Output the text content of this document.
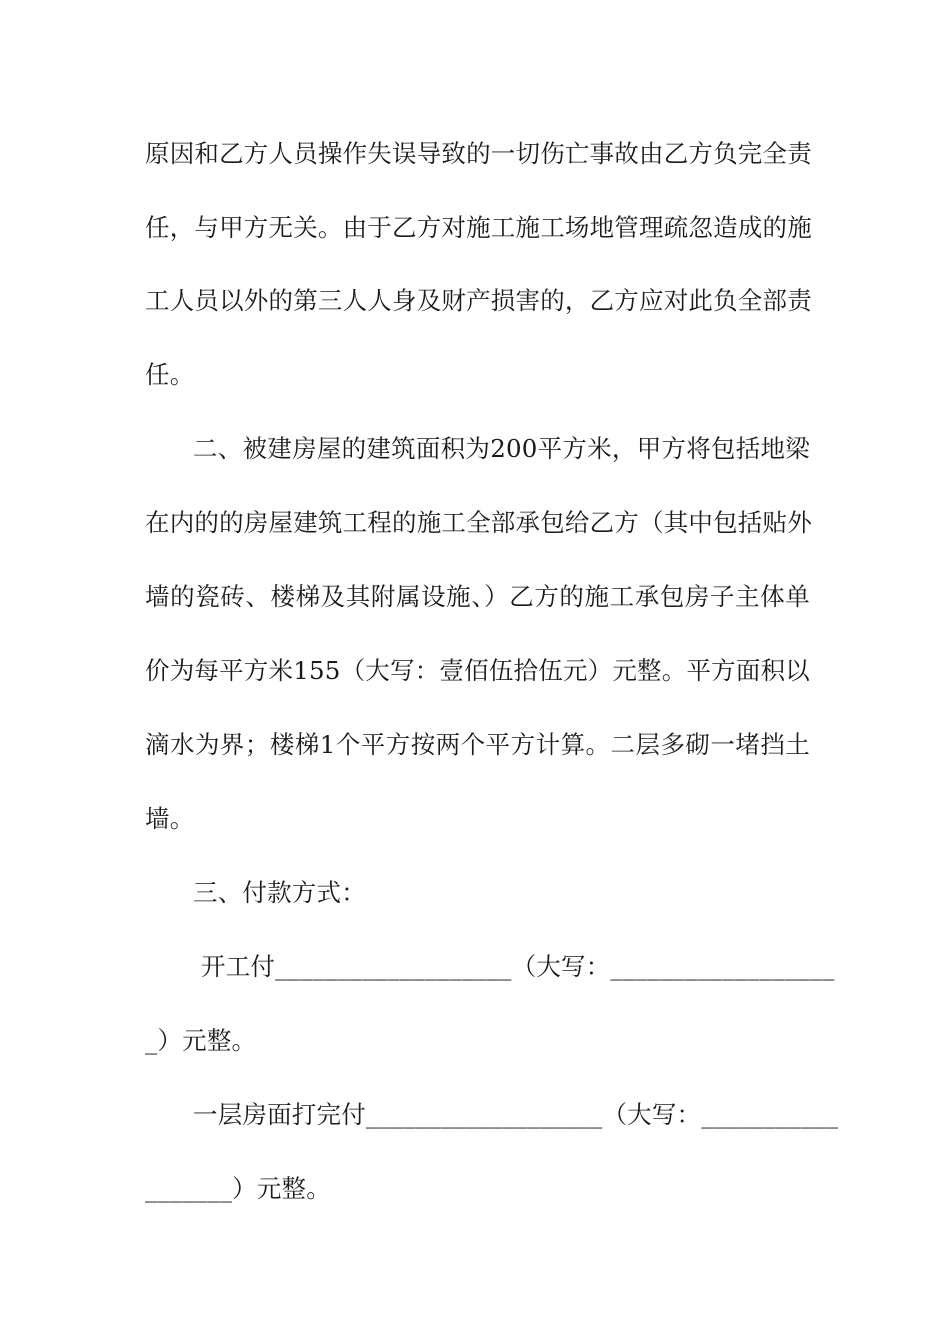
原因和乙方人员操作失误导致的一切伤亡事故由乙方负完全责
任，与甲方无关。由于乙方对施工施工场地管理疏忽造成的施
工人员以外的第三人人身及财产损害的，乙方应对此负全部责
任。
二、被建房屋的建筑面积为200平方米，甲方将包括地梁
在内的的房屋建筑工程的施工全部承包给乙方（其中包括贴外
墙的瓷砖、楼梯及其附属设施、）乙方的施工承包房子主体单
价为每平方米155（大写：壹佰伍拾伍元）元整。平方面积以
滴水为界；楼梯1个平方按两个平方计算。二层多砌一堵挡土
墙。
三、付款方式：
开工付___________________（大写：__________________
_）元整。
一层房面打完付___________________（大写：___________
_______）元整。
